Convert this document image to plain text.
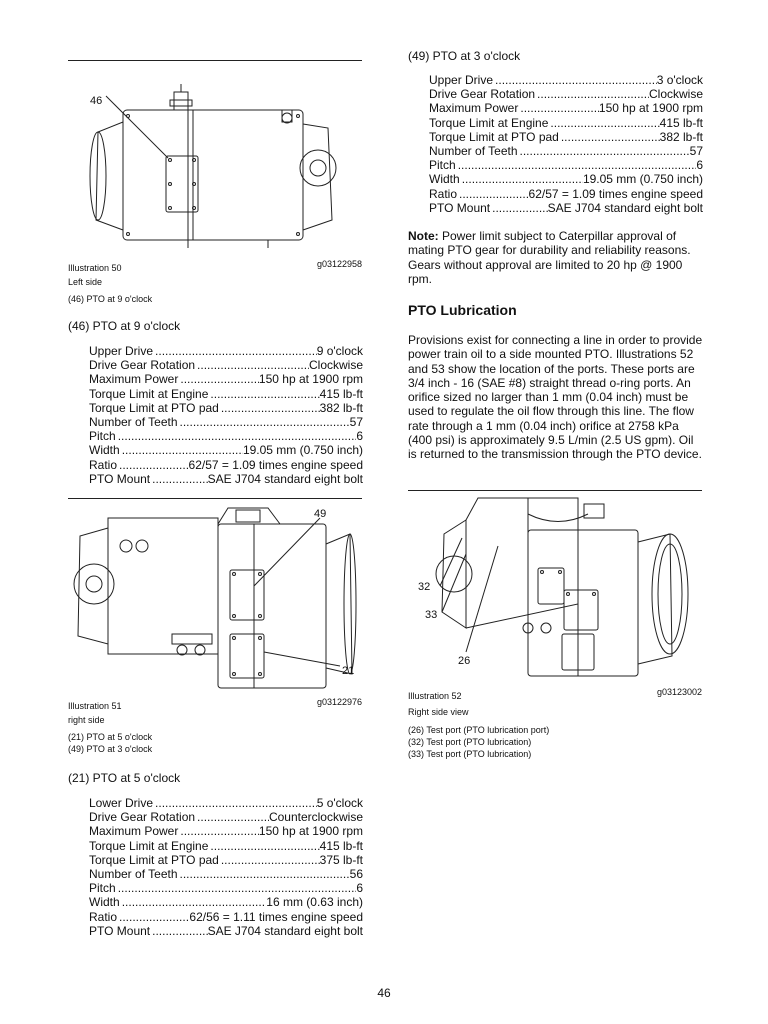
46
Illustration 50	g03122958
Left side
(46) PTO at 9 o'clock
(46) PTO at 9 o'clock
Upper Drive .....	9 o'clock
Drive Gear Rotation .....	Clockwise
Maximum Power .....	150 hp at 1900 rpm
Torque Limit at Engine .....	415 lb-ft
Torque Limit at PTO pad .....	382 lb-ft
Number of Teeth .....	57
Pitch .....	6
Width .....	19.05 mm (0.750 inch)
Ratio .....	62/57 = 1.09 times engine speed
PTO Mount .....	SAE J704 standard eight bolt
49
21
Illustration 51	g03122976
right side
(21) PTO at 5 o'clock
(49) PTO at 3 o'clock
(21) PTO at 5 o'clock
Lower Drive .....	5 o'clock
Drive Gear Rotation .....	Counterclockwise
Maximum Power .....	150 hp at 1900 rpm
Torque Limit at Engine .....	415 lb-ft
Torque Limit at PTO pad .....	375 lb-ft
Number of Teeth .....	56
Pitch .....	6
Width .....	16 mm (0.63 inch)
Ratio .....	62/56 = 1.11 times engine speed
PTO Mount .....	SAE J704 standard eight bolt
(49) PTO at 3 o'clock
Upper Drive .....	3 o'clock
Drive Gear Rotation .....	Clockwise
Maximum Power .....	150 hp at 1900 rpm
Torque Limit at Engine .....	415 lb-ft
Torque Limit at PTO pad .....	382 lb-ft
Number of Teeth .....	57
Pitch .....	6
Width .....	19.05 mm (0.750 inch)
Ratio .....	62/57 = 1.09 times engine speed
PTO Mount .....	SAE J704 standard eight bolt
Note: Power limit subject to Caterpillar approval of mating PTO gear for durability and reliability reasons. Gears without approval are limited to 20 hp @ 1900 rpm.
PTO Lubrication
Provisions exist for connecting a line in order to provide power train oil to a side mounted PTO. Illustrations 52 and 53 show the location of the ports. These ports are 3/4 inch - 16 (SAE #8) straight thread o-ring ports. An orifice sized no larger than 1 mm (0.04 inch) must be used to regulate the oil flow through this line. The flow rate through a 1 mm (0.04 inch) orifice at 2758 kPa (400 psi) is approximately 9.5 L/min (2.5 US gpm). Oil is returned to the transmission through the PTO device.
32
33
26
Illustration 52	g03123002
Right side view
(26) Test port (PTO lubrication port)
(32) Test port (PTO lubrication)
(33) Test port (PTO lubrication)
46
